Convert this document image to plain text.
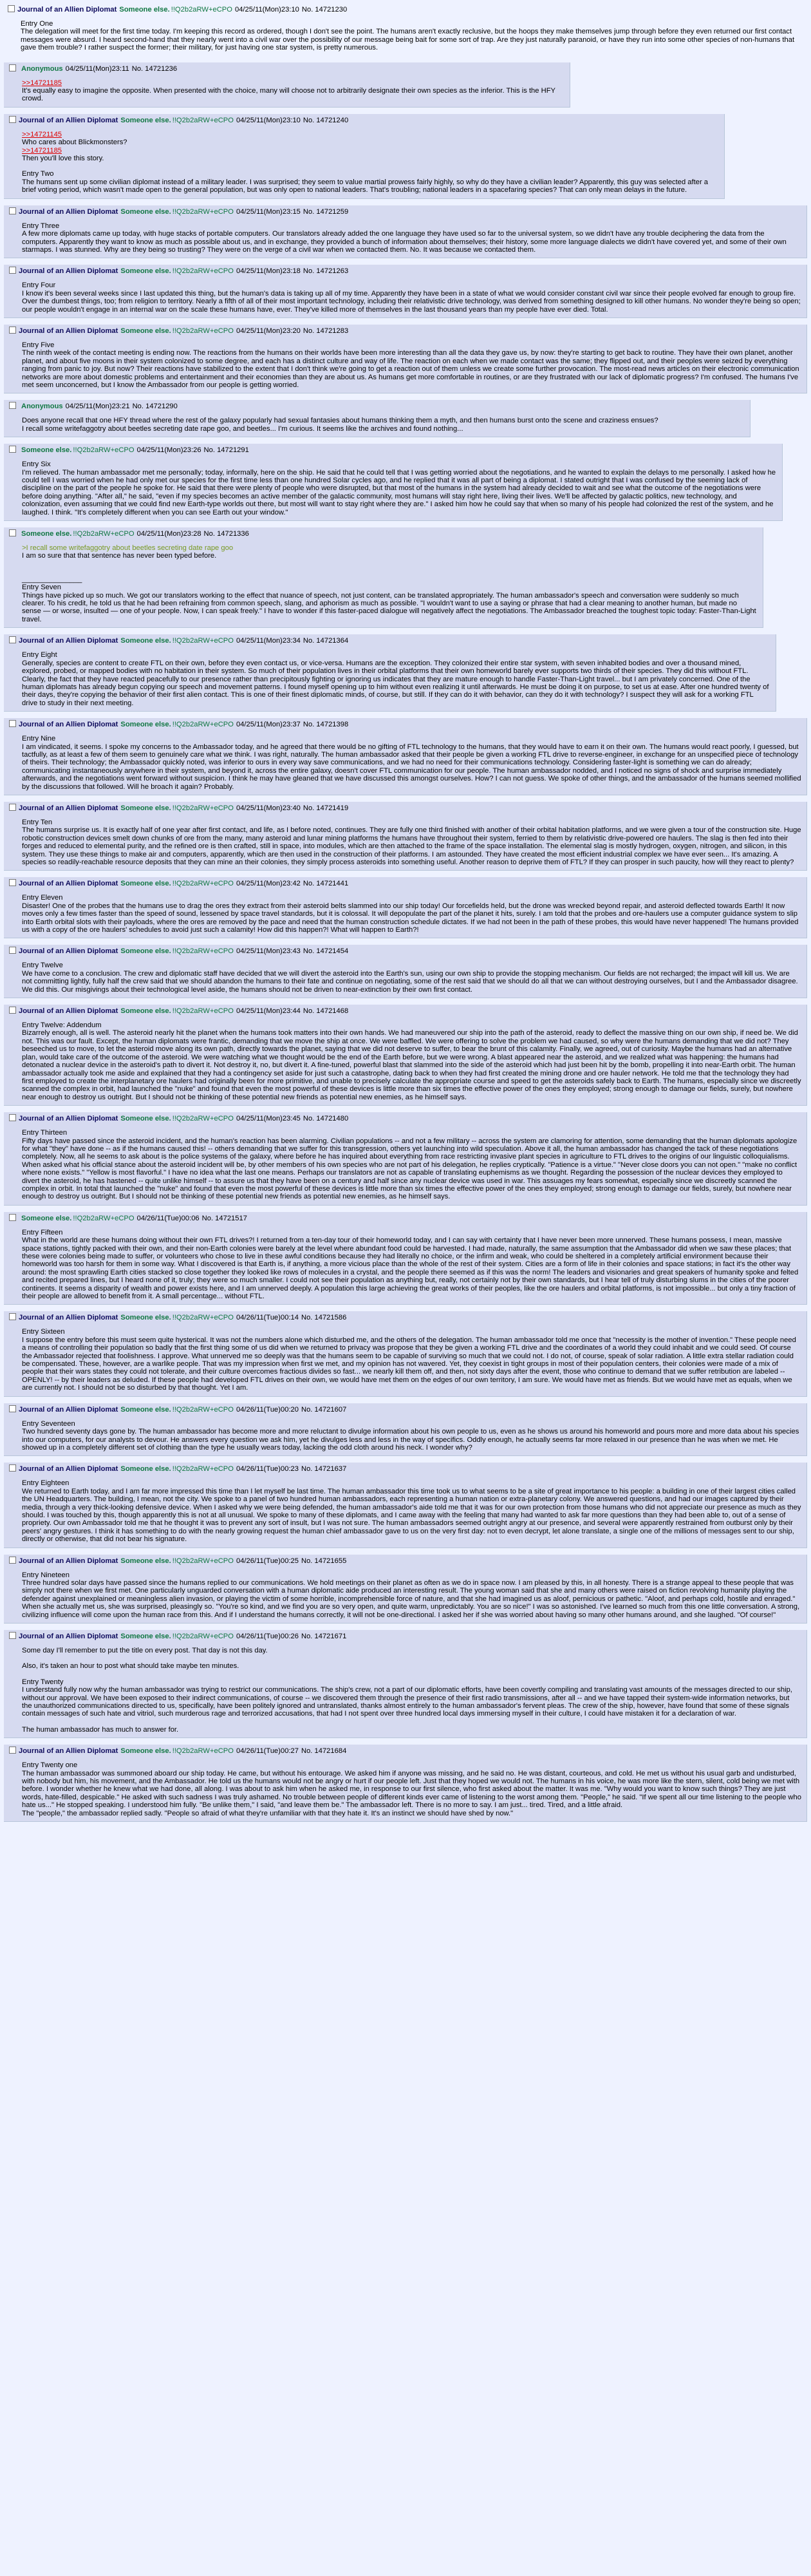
Journal of an Allien Diplomat Someone else. !!Q2b2aRW+eCPO 04/25/11(Mon)23:10 No. 14721230
Entry One
The delegation will meet for the first time today. I'm keeping this record as ordered, though I don't see the point. The humans aren't exactly reclusive, but the hoops they make themselves jump through before they even returned our first contact messages were absurd. I heard second-hand that they nearly went into a civil war over the possibility of our message being bait for some sort of trap. Are they just naturally paranoid, or have they run into some other species of non-humans that gave them trouble? I rather suspect the former; their military, for just having one star system, is pretty numerous.
Anonymous 04/25/11(Mon)23:11 No. 14721236
>>14721185
It's equally easy to imagine the opposite. When presented with the choice, many will choose not to arbitrarily designate their own species as the inferior. This is the HFY crowd.
Journal of an Allien Diplomat Someone else. !!Q2b2aRW+eCPO 04/25/11(Mon)23:10 No. 14721240
>>14721145
Who cares about Blickmonsters?
>>14721185
Then you'll love this story.
Entry Two
The humans sent up some civilian diplomat instead of a military leader. I was surprised; they seem to value martial prowess fairly highly, so why do they have a civilian leader? Apparently, this guy was selected after a brief voting period, which wasn't made open to the general population, but was only open to national leaders. That's troubling; national leaders in a spacefaring species? That can only mean delays in the future.
Journal of an Allien Diplomat Someone else. !!Q2b2aRW+eCPO 04/25/11(Mon)23:15 No. 14721259
Entry Three
A few more diplomats came up today, with huge stacks of portable computers. Our translators already added the one language they have used so far to the universal system, so we didn't have any trouble deciphering the data from the computers. Apparently they want to know as much as possible about us, and in exchange, they provided a bunch of information about themselves; their history, some more language dialects we didn't have covered yet, and some of their own starmaps. I was stunned. Why are they being so trusting? They were on the verge of a civil war when we contacted them. No. It was because we contacted them.
Journal of an Allien Diplomat Someone else. !!Q2b2aRW+eCPO 04/25/11(Mon)23:18 No. 14721263
Entry Four
I know it's been several weeks since I last updated this thing, but the human's data is taking up all of my time. Apparently they have been in a state of what we would consider constant civil war since their people evolved far enough to group fire. Over the dumbest things, too; from religion to territory. Nearly a fifth of all of their most important technology, including their relativistic drive technology, was derived from something designed to kill other humans. No wonder they're being so open; our people wouldn't engage in an internal war on the scale these humans have, ever. They've killed more of themselves in the last thousand years than my people have ever died. Total.
Journal of an Allien Diplomat Someone else. !!Q2b2aRW+eCPO 04/25/11(Mon)23:20 No. 14721283
Entry Five
The ninth week of the contact meeting is ending now. The reactions from the humans on their worlds have been more interesting than all the data they gave us, by now: they're starting to get back to routine. They have their own planet, another planet, and about five moons in their system colonized to some degree, and each has a distinct culture and way of life. The reaction on each when we made contact was the same; they flipped out, and their peoples were seized by everything ranging from panic to joy. But now? Their reactions have stabilized to the extent that I don't think we're going to get a reaction out of them unless we create some further provocation. The most-read news articles on their electronic communication networks are more about domestic problems and entertainment and their economies than they are about us. As humans get more comfortable in routines, or are they frustrated with our lack of diplomatic progress? I'm confused. The humans I've met seem unconcerned, but I know the Ambassador from our people is getting worried.
Anonymous 04/25/11(Mon)23:21 No. 14721290
Does anyone recall that one HFY thread where the rest of the galaxy popularly had sexual fantasies about humans thinking them a myth, and then humans burst onto the scene and craziness ensues?
I recall some writefaggotry about beetles secreting date rape goo, and beetles... I'm curious. It seems like the archives and found nothing...
Someone else. !!Q2b2aRW+eCPO 04/25/11(Mon)23:26 No. 14721291
Entry Six
I'm relieved. The human ambassador met me personally; today, informally, here on the ship. He said that he could tell that I was getting worried about the negotiations, and he wanted to explain the delays to me personally. I asked how he could tell I was worried when he had only met our species for the first time less than one hundred Solar cycles ago, and he replied that it was all part of being a diplomat. I stated outright that I was confused by the seeming lack of discipline on the part of the people he spoke for. He said that there were plenty of people who were disrupted, but that most of the humans in the system had already decided to wait and see what the outcome of the negotiations were before doing anything. "After all," he said, "even if my species becomes an active member of the galactic community, most humans will stay right here, living their lives. We'll be affected by galactic politics, new technology, and colonization, even assuming that we could find new Earth-type worlds out there, but most will want to stay right where they are." I asked him how he could say that when so many of his people had colonized the rest of the system, and he laughed. I think. "It's completely different when you can see Earth out your window."
Someone else. !!Q2b2aRW+eCPO 04/25/11(Mon)23:28 No. 14721336
>I recall some writefaggotry about beetles secreting date rape goo
I am so sure that that sentence has never been typed before.
_______________
Entry Seven
Things have picked up so much. We got our translators working to the effect that nuance of speech, not just content, can be translated appropriately. The human ambassador's speech and conversation were suddenly so much clearer. To his credit, he told us that he had been refraining from common speech, slang, and aphorism as much as possible. "I wouldn't want to use a saying or phrase that had a clear meaning to another human, but made no sense — or worse, insulted — one of your people. Now, I can speak freely." I have to wonder if this faster-paced dialogue will negatively affect the negotiations. The Ambassador breached the toughest topic today: Faster-Than-Light travel.
Journal of an Allien Diplomat Someone else. !!Q2b2aRW+eCPO 04/25/11(Mon)23:34 No. 14721364
Entry Eight
Generally, species are content to create FTL on their own, before they even contact us, or vice-versa. Humans are the exception. They colonized their entire star system, with seven inhabited bodies and over a thousand mined, explored, probed, or mapped bodies with no habitation in their system. So much of their population lives in their orbital platforms that their own homeworld barely ever supports two thirds of their species. They did this without FTL. Clearly, the fact that they have reacted peacefully to our presence rather than precipitously fighting or ignoring us indicates that they are mature enough to handle Faster-Than-Light travel... but I am privately concerned. One of the human diplomats has already begun copying our speech and movement patterns. I found myself opening up to him without even realizing it until afterwards. He must be doing it on purpose, to set us at ease. After one hundred twenty of their days, they're copying the behavior of their first alien contact. This is one of their finest diplomatic minds, of course, but still. If they can do it with behavior, can they do it with technology? I suspect they will ask for a working FTL drive to study in their next meeting.
Journal of an Allien Diplomat Someone else. !!Q2b2aRW+eCPO 04/25/11(Mon)23:37 No. 14721398
Entry Nine
I am vindicated, it seems. I spoke my concerns to the Ambassador today, and he agreed that there would be no gifting of FTL technology to the humans, that they would have to earn it on their own. The humans would react poorly, I guessed, but tactfully, as at least a few of them seem to genuinely care what we think. I was right, naturally. The human ambassador asked that their people be given a working FTL drive to reverse-engineer, in exchange for an unspecified piece of technology of theirs. Their technology; the Ambassador quickly noted, was inferior to ours in every way save communications, and we had no need for their communications technology. Considering faster-light is something we can do already; communicating instantaneously anywhere in their system, and beyond it, across the entire galaxy, doesn't cover FTL communication for our people. The human ambassador nodded, and I noticed no signs of shock and surprise immediately afterwards, and the negotiations went forward without suspicion. I think he may have gleaned that we have discussed this amongst ourselves. How? I can not guess. We spoke of other things, and the ambassador of the humans seemed mollified by the discussions that followed. Will he broach it again? Probably.
Journal of an Allien Diplomat Someone else. !!Q2b2aRW+eCPO 04/25/11(Mon)23:40 No. 14721419
Entry Ten
The humans surprise us. It is exactly half of one year after first contact, and life, as I before noted, continues. They are fully one third finished with another of their orbital habitation platforms, and we were given a tour of the construction site. Huge robotic construction devices smelt down chunks of ore from the many, many asteroid and lunar mining platforms the humans have throughout their system, ferried to them by relativistic drive-powered ore haulers. The slag is then fed into their forges and reduced to elemental purity, and the refined ore is then crafted, still in space, into modules, which are then attached to the frame of the space installation. The elemental slag is mostly hydrogen, oxygen, nitrogen, and silicon, in this system. They use these things to make air and computers, apparently, which are then used in the construction of their platforms. I am astounded. They have created the most efficient industrial complex we have ever seen... It's amazing. A species so readily-reachable resource deposits that they can mine an their colonies, they simply process asteroids into something useful. Another reason to deprive them of FTL? If they can prosper in such paucity, how will they react to plenty?
Journal of an Allien Diplomat Someone else. !!Q2b2aRW+eCPO 04/25/11(Mon)23:42 No. 14721441
Entry Eleven
Disaster! One of the probes that the humans use to drag the ores they extract from their asteroid belts slammed into our ship today! Our forcefields held, but the drone was wrecked beyond repair, and asteroid deflected towards Earth! It now moves only a few times faster than the speed of sound, lessened by space travel standards, but it is colossal. It will depopulate the part of the planet it hits, surely. I am told that the probes and ore-haulers use a computer guidance system to slip into Earth orbital slots with their payloads, where the ores are removed by the pace and need that the human construction schedule dictates. If we had not been in the path of these probes, this would have never happened! The humans provided us with a copy of the ore haulers' schedules to avoid just such a calamity! How did this happen?! What will happen to Earth?!
Journal of an Allien Diplomat Someone else. !!Q2b2aRW+eCPO 04/25/11(Mon)23:43 No. 14721454
Entry Twelve
We have come to a conclusion. The crew and diplomatic staff have decided that we will divert the asteroid into the Earth's sun, using our own ship to provide the stopping mechanism. Our fields are not recharged; the impact will kill us. We are not committing lightly, fully half the crew said that we should abandon the humans to their fate and continue on negotiating, some of the rest said that we should do all that we can without destroying ourselves, but I and the Ambassador disagree. We did this. Our misgivings about their technological level aside, the humans should not be driven to near-extinction by their own first contact.
Journal of an Allien Diplomat Someone else. !!Q2b2aRW+eCPO 04/25/11(Mon)23:44 No. 14721468
Entry Twelve: Addendum
Bizarrely enough, all is well. The asteroid nearly hit the planet when the humans took matters into their own hands. We had maneuvered our ship into the path of the asteroid, ready to deflect the massive thing on our own ship, if need be. We did not. This was our fault. Except, the human diplomats were frantic, demanding that we move the ship at once. We were baffled. We were offering to solve the problem we had caused, so why were the humans demanding that we did not? They beseeched us to move, to let the asteroid move along its own path, directly towards the planet, saying that we did not deserve to suffer, to bear the brunt of this calamity. Finally, we agreed, out of curiosity. Maybe the humans had an alternative plan, would take care of the outcome of the asteroid. We were watching what we thought would be the end of the Earth before, but we were wrong. A blast appeared near the asteroid, and we realized what was happening: the humans had detonated a nuclear device in the asteroid's path to divert it. Not destroy it, no, but divert it. A fine-tuned, powerful blast that slammed into the side of the asteroid which had just been hit by the bomb, propelling it into near-Earth orbit. The human ambassador actually took me aside and explained that they had a contingency set aside for just such a catastrophe, dating back to when they had first created the mining drone and ore hauler network. He told me that the technology they had first employed to create the interplanetary ore haulers had originally been for more primitive, and unable to precisely calculate the appropriate course and speed to get the asteroids safely back to Earth. The humans, especially since we discreetly scanned the complex in orbit, had launched the "nuke" and found that even the most powerful of these devices is little more than six times the effective power of the ones they employed; strong enough to damage our fields, surely, but nowhere near enough to destroy us outright. But I should not be thinking of these potential new friends as potential new enemies, as he himself says.
Journal of an Allien Diplomat Someone else. !!Q2b2aRW+eCPO 04/25/11(Mon)23:45 No. 14721480
Entry Thirteen
Fifty days have passed since the asteroid incident, and the human's reaction has been alarming. Civilian populations -- and not a few military -- across the system are clamoring for attention, some demanding that the human diplomats apologize for what "they" have done -- as if the humans caused this! -- others demanding that we suffer for this transgression, others yet launching into wild speculation. Above it all, the human ambassador has changed the tack of these negotiations completely. Now, all he seems to ask about is the police systems of the galaxy, where before he has inquired about everything from race restricting invasive plant species in agriculture to FTL drives to the origins of our linguistic colloquialisms. When asked what his official stance about the asteroid incident will be, by other members of his own species who are not part of his delegation, he replies cryptically. "Patience is a virtue." "Never close doors you can not open." "make no conflict where none exists." "Yellow is most flavorful." I have no idea what the last one means. Perhaps our translators are not as capable of translating euphemisms as we thought. Regarding the possession of the nuclear devices they employed to divert the asteroid, he has hastened -- quite unlike himself -- to assure us that they have been on a century and half since any nuclear device was used in war. This assuages my fears somewhat, especially since we discreetly scanned the complex in orbit. In total that launched the "nuke" and found that even the most powerful of these devices is little more than six times the effective power of the ones they employed; strong enough to damage our fields, surely, but nowhere near enough to destroy us outright. But I should not be thinking of these potential new friends as potential new enemies, as he himself says.
Someone else. !!Q2b2aRW+eCPO 04/26/11(Tue)00:06 No. 14721517
Entry Fifteen
What in the world are these humans doing without their own FTL drives?! I returned from a ten-day tour of their homeworld today, and I can say with certainty that I have never been more unnerved. These humans possess, I mean, massive space stations, tightly packed with their own, and their non-Earth colonies were barely at the level where abundant food could be harvested. I had made, naturally, the same assumption that the Ambassador did when we saw these places; that these were colonies being made to suffer, or volunteers who chose to live in these awful conditions because they had literally no choice, or the infirm and weak, who could be sheltered in a completely artificial environment because their homeworld was too harsh for them in some way. What I discovered is that Earth is, if anything, a more vicious place than the whole of the rest of their system. Cities are a form of life in their colonies and space stations; in fact it's the other way around: the most sprawling Earth cities stacked so close together they looked like rows of molecules in a crystal, and the people there seemed as if this was the norm! The leaders and visionaries and great speakers of humanity spoke and felted and recited prepared lines, but I heard none of it, truly; they were so much smaller. I could not see their population as anything but, really, not certainly not by their own standards, but I hear tell of truly disturbing slums in the cities of the poorer continents. It seems a disparity of wealth and power exists here, and I am unnerved deeply. A population this large achieving the great works of their peoples, like the ore haulers and orbital platforms, is not impossible... but only a tiny fraction of their people are allowed to benefit from it. A small percentage... without FTL.
Journal of an Allien Diplomat Someone else. !!Q2b2aRW+eCPO 04/26/11(Tue)00:14 No. 14721586
Entry Sixteen
I suppose the entry before this must seem quite hysterical. It was not the numbers alone which disturbed me, and the others of the delegation. The human ambassador told me once that "necessity is the mother of invention." These people need a means of controlling their population so badly that the first thing some of us did when we returned to privacy was propose that they be given a working FTL drive and the coordinates of a world they could inhabit and we could seed. Of course the Ambassador rejected that foolishness. I approve. What unnerved me so deeply was that the humans seem to be capable of surviving so much that we could not. I do not, of course, speak of solar radiation. A little extra stellar radiation could be compensated. These, however, are a warlike people. That was my impression when first we met, and my opinion has not wavered. Yet, they coexist in tight groups in most of their population centers, their colonies were made of a mix of people that their wars states they could not tolerate, and their culture overcomes fractious divides so fast... we nearly kill them off, and then, not sixty days after the event, those who continue to demand that we suffer retribution are labeled -- OPENLY! -- by their leaders as deluded. If these people had developed FTL drives on their own, we would have met them on the edges of our own territory, I am sure. We would have met as friends. But we would have met as equals, when we are currently not. I should not be so disturbed by that thought. Yet I am.
Journal of an Allien Diplomat Someone else. !!Q2b2aRW+eCPO 04/26/11(Tue)00:20 No. 14721607
Entry Seventeen
Two hundred seventy days gone by. The human ambassador has become more and more reluctant to divulge information about his own people to us, even as he shows us around his homeworld and pours more and more data about his species into our computers, for our analysts to devour. He answers every question we ask him, yet he divulges less and less in the way of specifics. Oddly enough, he actually seems far more relaxed in our presence than he was when we met. He showed up in a completely different set of clothing than the type he usually wears today, lacking the odd cloth around his neck. I wonder why?
Journal of an Allien Diplomat Someone else. !!Q2b2aRW+eCPO 04/26/11(Tue)00:23 No. 14721637
Entry Eighteen
We returned to Earth today, and I am far more impressed this time than I let myself be last time. The human ambassador this time took us to what seems to be a site of great importance to his people: a building in one of their largest cities called the UN Headquarters. The building, I mean, not the city. We spoke to a panel of two hundred human ambassadors, each representing a human nation or extra-planetary colony. We answered questions, and had our images captured by their media, through a very thick-looking defensive device. When I asked why we were being defended, the human ambassador's aide told me that it was for our own protection from those humans who did not appreciate our presence as much as they should. I was touched by this, though apparently this is not at all unusual. We spoke to many of these diplomats, and I came away with the feeling that many had wanted to ask far more questions than they had been able to, out of a sense of propriety. Our own Ambassador told me that he thought it was to prevent any sort of insult, but I was not sure. The human ambassadors seemed outright angry at our presence, and several were apparently restrained from outburst only by their peers' angry gestures. I think it has something to do with the nearly growing request the human chief ambassador gave to us on the very first day: not to even decrypt, let alone translate, a single one of the millions of messages sent to our ship, directly or otherwise, that did not bear his signature.
Journal of an Allien Diplomat Someone else. !!Q2b2aRW+eCPO 04/26/11(Tue)00:25 No. 14721655
Entry Nineteen
Three hundred solar days have passed since the humans replied to our communications. We hold meetings on their planet as often as we do in space now. I am pleased by this, in all honesty. There is a strange appeal to these people that was simply not there when we first met. One particularly unguarded conversation with a human diplomatic aide produced an interesting result. The young woman said that she and many others were raised on fiction revolving humanity playing the defender against unexplained or meaningless alien invasion, or playing the victim of some horrible, incomprehensible force of nature, and that she had imagined us as aloof, pernicious or pathetic. "Aloof, and perhaps cold, hostile and enraged." When she actually met us, she was surprised, pleasingly so. "You're so kind, and we find you are so very open, and quite warm, unpredictably. You are so nice!" I was so astonished. I've learned so much from this one little conversation. A strong, civilizing influence will come upon the human race from this. And if I understand the humans correctly, it will not be one-directional. I asked her if she was worried about having so many other humans around, and she laughed. "Of course!"
Journal of an Allien Diplomat Someone else. !!Q2b2aRW+eCPO 04/26/11(Tue)00:26 No. 14721671
Some day I'll remember to put the title on every post. That day is not this day.
Also, it's taken an hour to post what should take maybe ten minutes.
Entry Twenty
I understand fully now why the human ambassador was trying to restrict our communications. The ship's crew, not a part of our diplomatic efforts, have been covertly compiling and translating vast amounts of the messages directed to our ship, without our approval. We have been exposed to their indirect communications, of course -- we discovered them through the presence of their first radio transmissions, after all -- and we have tapped their system-wide information networks, but the unauthorized communications directed to us, specifically, have been politely ignored and untranslated, thanks almost entirely to the human ambassador's fervent pleas. The crew of the ship, however, have found that some of these signals contain messages of such hate and vitriol, such murderous rage and terrorized accusations, that had I not spent over three hundred local days immersing myself in their culture, I could have mistaken it for a declaration of war.
The human ambassador has much to answer for.
Journal of an Allien Diplomat Someone else. !!Q2b2aRW+eCPO 04/26/11(Tue)00:27 No. 14721684
Entry Twenty one
The human ambassador was summoned aboard our ship today. He came, but without his entourage. We asked him if anyone was missing, and he said no. He was distant, courteous, and cold. He met us without his usual garb and undisturbed, with nobody but him, his movement, and the Ambassador. He told us the humans would not be angry or hurt if our people left. Just that they hoped we would not. The humans in his voice, he was more like the stern, silent, cold being we met with before. I wonder whether he knew what we had done, all along. I was about to ask him when he asked me, in response to our first silence, who first asked about the matter. It was me. "Why would you want to know such things? They are just words, hate-filled, despicable." He asked with such sadness I was truly ashamed. No trouble between people of different kinds ever came of listening to the worst among them. "People," he said. "If we spent all our time listening to the people who hate us..." He stopped speaking. I understood him fully. "Be unlike them," I said, "and leave them be." The ambassador left. There is no more to say. I am just... tired. Tired, and a little afraid.
The "people," the ambassador replied sadly. "People so afraid of what they're unfamiliar with that they hate it. It's an instinct we should have shed by now."
